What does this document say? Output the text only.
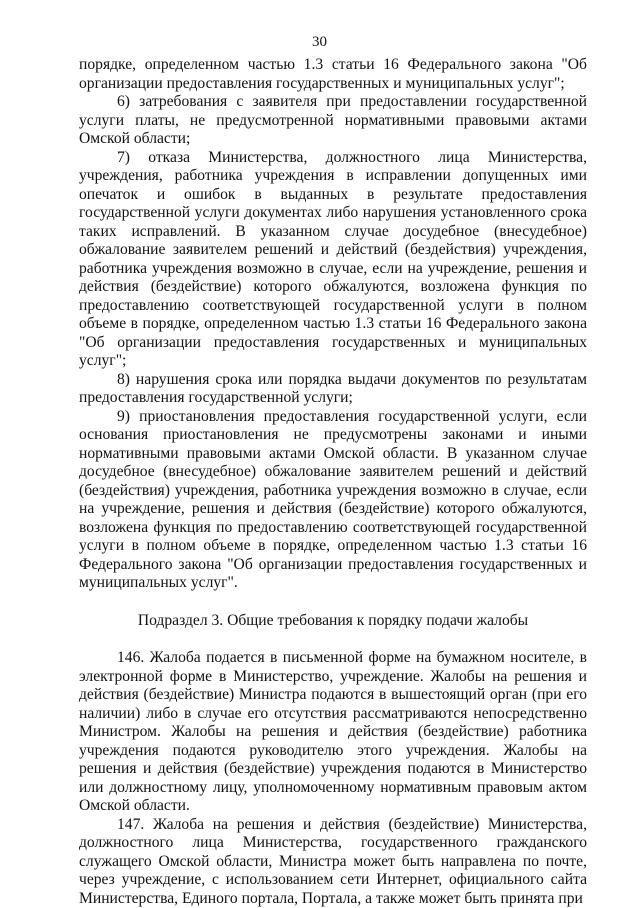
30

порядке, определенном частью 1.3 статьи 16 Федерального закона "Об организации предоставления государственных и муниципальных услуг";

6) затребования с заявителя при предоставлении государственной услуги платы, не предусмотренной нормативными правовыми актами Омской области;

7) отказа Министерства, должностного лица Министерства, учреждения, работника учреждения в исправлении допущенных ими опечаток и ошибок в выданных в результате предоставления государственной услуги документах либо нарушения установленного срока таких исправлений. В указанном случае досудебное (внесудебное) обжалование заявителем решений и действий (бездействия) учреждения, работника учреждения возможно в случае, если на учреждение, решения и действия (бездействие) которого обжалуются, возложена функция по предоставлению соответствующей государственной услуги в полном объеме в порядке, определенном частью 1.3 статьи 16 Федерального закона "Об организации предоставления государственных и муниципальных услуг";

8) нарушения срока или порядка выдачи документов по результатам предоставления государственной услуги;

9) приостановления предоставления государственной услуги, если основания приостановления не предусмотрены законами и иными нормативными правовыми актами Омской области. В указанном случае досудебное (внесудебное) обжалование заявителем решений и действий (бездействия) учреждения, работника учреждения возможно в случае, если на учреждение, решения и действия (бездействие) которого обжалуются, возложена функция по предоставлению соответствующей государственной услуги в полном объеме в порядке, определенном частью 1.3 статьи 16 Федерального закона "Об организации предоставления государственных и муниципальных услуг".

Подраздел 3. Общие требования к порядку подачи жалобы

146. Жалоба подается в письменной форме на бумажном носителе, в электронной форме в Министерство, учреждение. Жалобы на решения и действия (бездействие) Министра подаются в вышестоящий орган (при его наличии) либо в случае его отсутствия рассматриваются непосредственно Министром. Жалобы на решения и действия (бездействие) работника учреждения подаются руководителю этого учреждения. Жалобы на решения и действия (бездействие) учреждения подаются в Министерство или должностному лицу, уполномоченному нормативным правовым актом Омской области.

147. Жалоба на решения и действия (бездействие) Министерства, должностного лица Министерства, государственного гражданского служащего Омской области, Министра может быть направлена по почте, через учреждение, с использованием сети Интернет, официального сайта Министерства, Единого портала, Портала, а также может быть принята при
